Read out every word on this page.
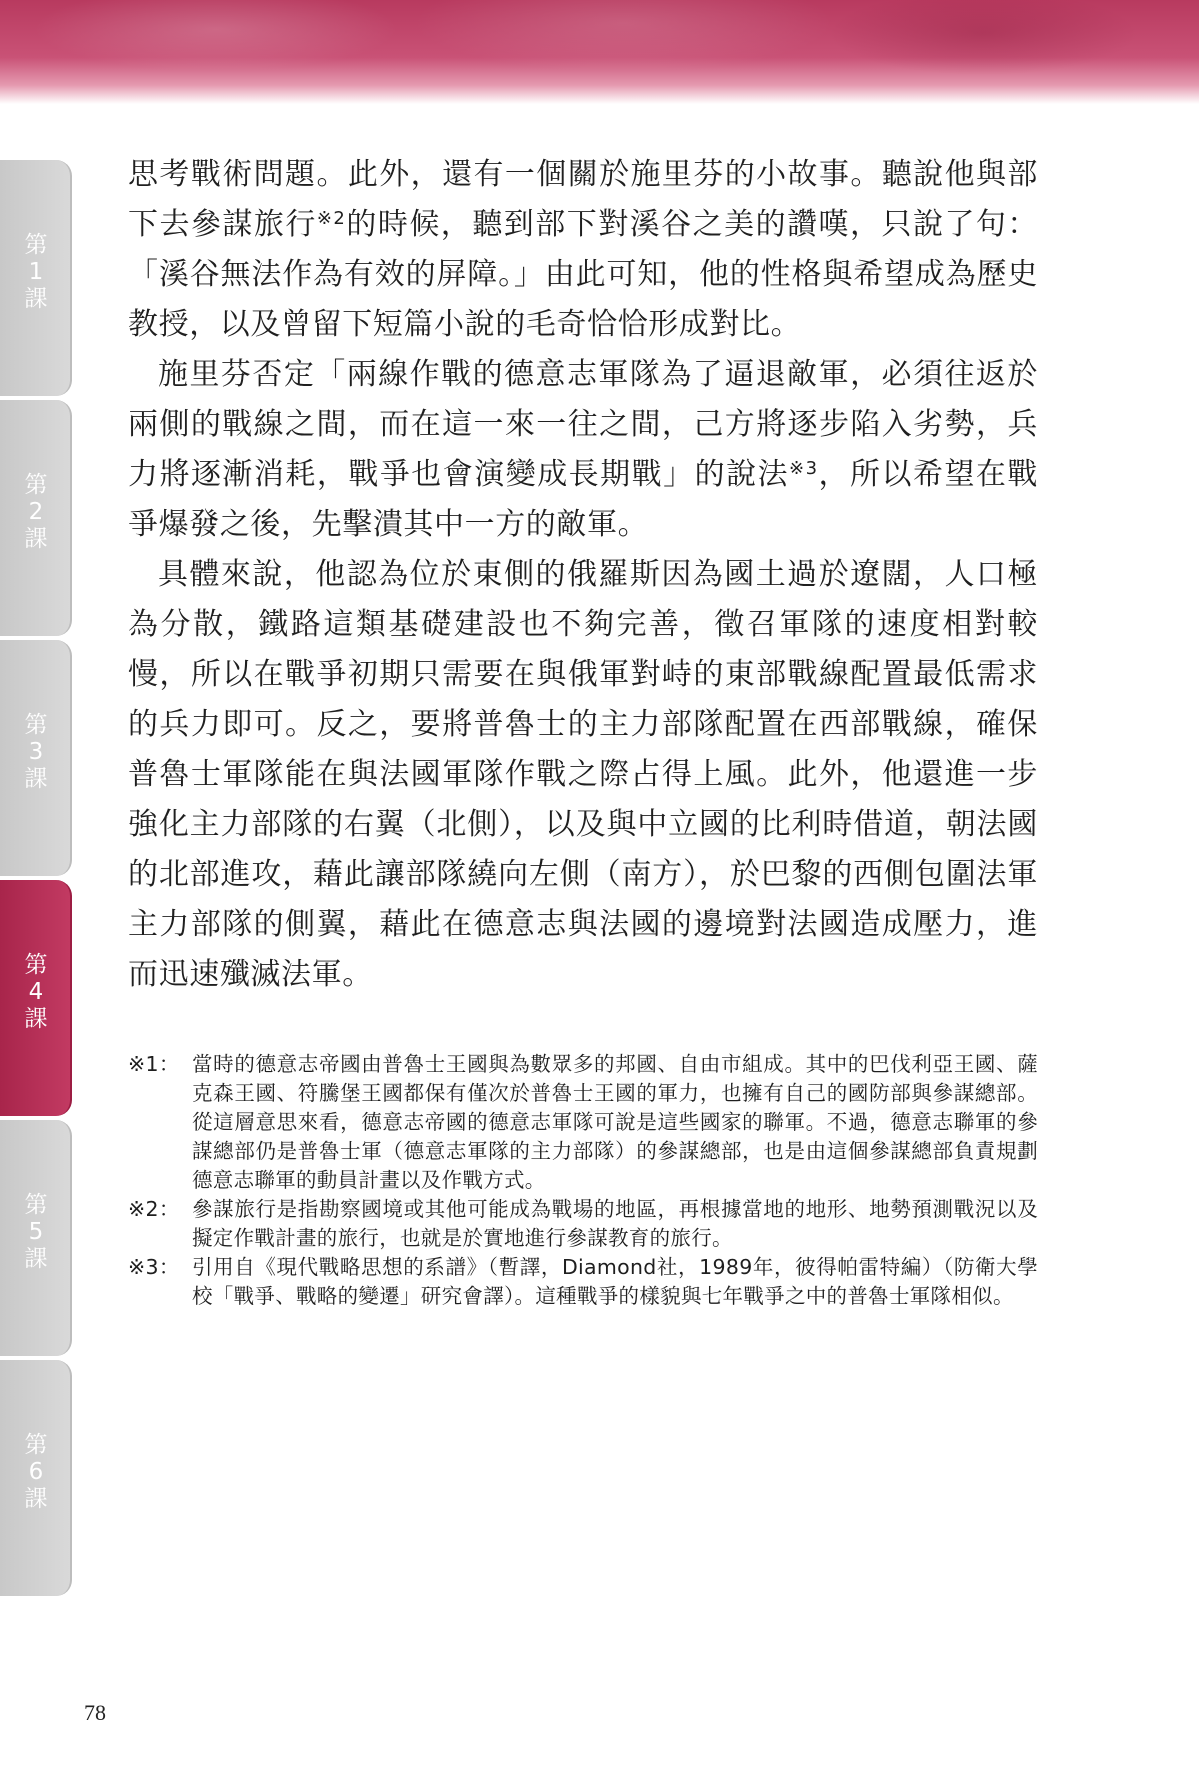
第
1
課
第
2
課
第
3
課
第
4
課
第
5
課
第
6
課

思考戰術問題。此外，還有一個關於施里芬的小故事。聽說他與部下去參謀旅行$^{※2}$的時候，聽到部下對溪谷之美的讚嘆，只說了句：「溪谷無法作為有效的屏障。」由此可知，他的性格與希望成為歷史教授，以及曾留下短篇小說的毛奇恰恰形成對比。

施里芬否定「兩線作戰的德意志軍隊為了逼退敵軍，必須往返於兩側的戰線之間，而在這一來一往之間，己方將逐步陷入劣勢，兵力將逐漸消耗，戰爭也會演變成長期戰」的說法$^{※3}$，所以希望在戰爭爆發之後，先擊潰其中一方的敵軍。

具體來說，他認為位於東側的俄羅斯因為國土過於遼闊，人口極為分散，鐵路這類基礎建設也不夠完善，徵召軍隊的速度相對較慢，所以在戰爭初期只需要在與俄軍對峙的東部戰線配置最低需求的兵力即可。反之，要將普魯士的主力部隊配置在西部戰線，確保普魯士軍隊能在與法國軍隊作戰之際占得上風。此外，他還進一步強化主力部隊的右翼（北側），以及與中立國的比利時借道，朝法國的北部進攻，藉此讓部隊繞向左側（南方），於巴黎的西側包圍法軍主力部隊的側翼，藉此在德意志與法國的邊境對法國造成壓力，進而迅速殲滅法軍。

※1： 當時的德意志帝國由普魯士王國與為數眾多的邦國、自由市組成。其中的巴伐利亞王國、薩克森王國、符騰堡王國都保有僅次於普魯士王國的軍力，也擁有自己的國防部與參謀總部。從這層意思來看，德意志帝國的德意志軍隊可說是這些國家的聯軍。不過，德意志聯軍的參謀總部仍是普魯士軍（德意志軍隊的主力部隊）的參謀總部，也是由這個參謀總部負責規劃德意志聯軍的動員計畫以及作戰方式。
※2： 參謀旅行是指勘察國境或其他可能成為戰場的地區，再根據當地的地形、地勢預測戰況以及擬定作戰計畫的旅行，也就是於實地進行參謀教育的旅行。
※3： 引用自《現代戰略思想的系譜》（暫譯，Diamond社，1989年，彼得帕雷特編）（防衛大學校「戰爭、戰略的變遷」研究會譯）。這種戰爭的樣貌與七年戰爭之中的普魯士軍隊相似。
78
